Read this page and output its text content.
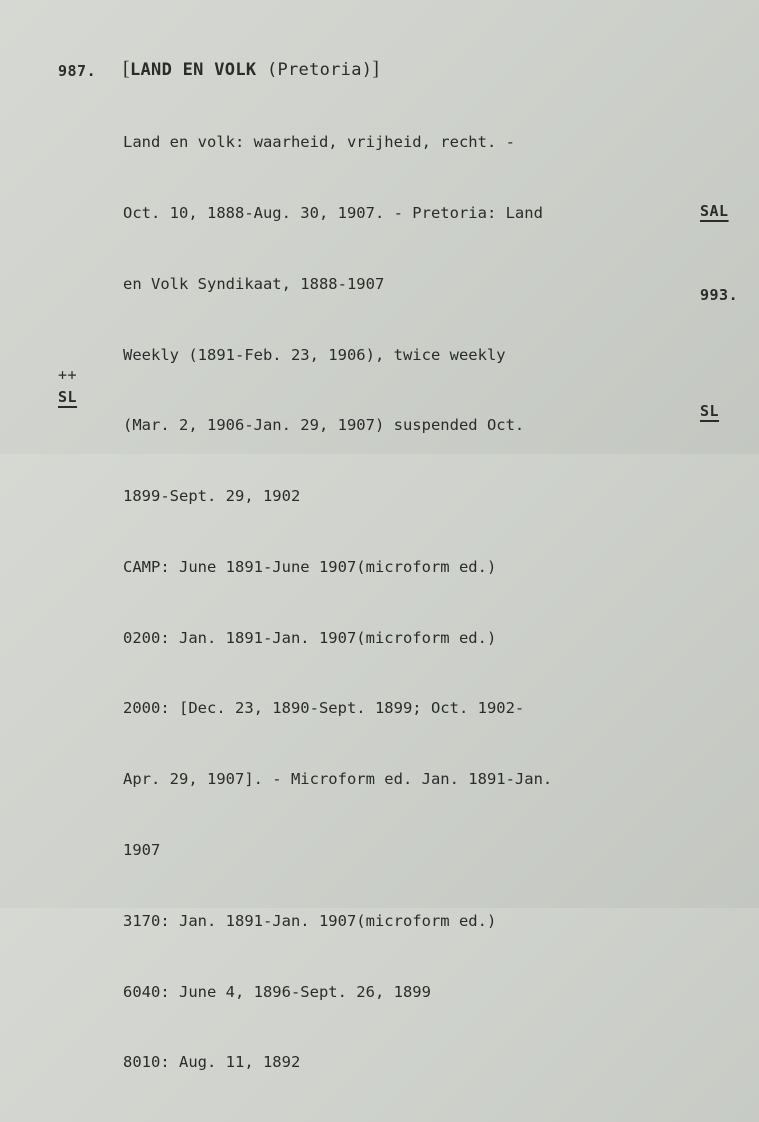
987. [LAND EN VOLK (Pretoria)]

Land en volk: waarheid, vrijheid, recht. -

Oct. 10, 1888-Aug. 30, 1907. - Pretoria: Land

en Volk Syndikaat, 1888-1907

Weekly (1891-Feb. 23, 1906), twice weekly

(Mar. 2, 1906-Jan. 29, 1907) suspended Oct.

1899-Sept. 29, 1902

CAMP: June 1891-June 1907(microform ed.)

0200: Jan. 1891-Jan. 1907(microform ed.)

2000: [Dec. 23, 1890-Sept. 1899; Oct. 1902-

Apr. 29, 1907]. - Microform ed. Jan. 1891-Jan.

1907

3170: Jan. 1891-Jan. 1907(microform ed.)

6040: June 4, 1896-Sept. 26, 1899

8010: Aug. 11, 1892

++
SL
SAL
993.
SL
